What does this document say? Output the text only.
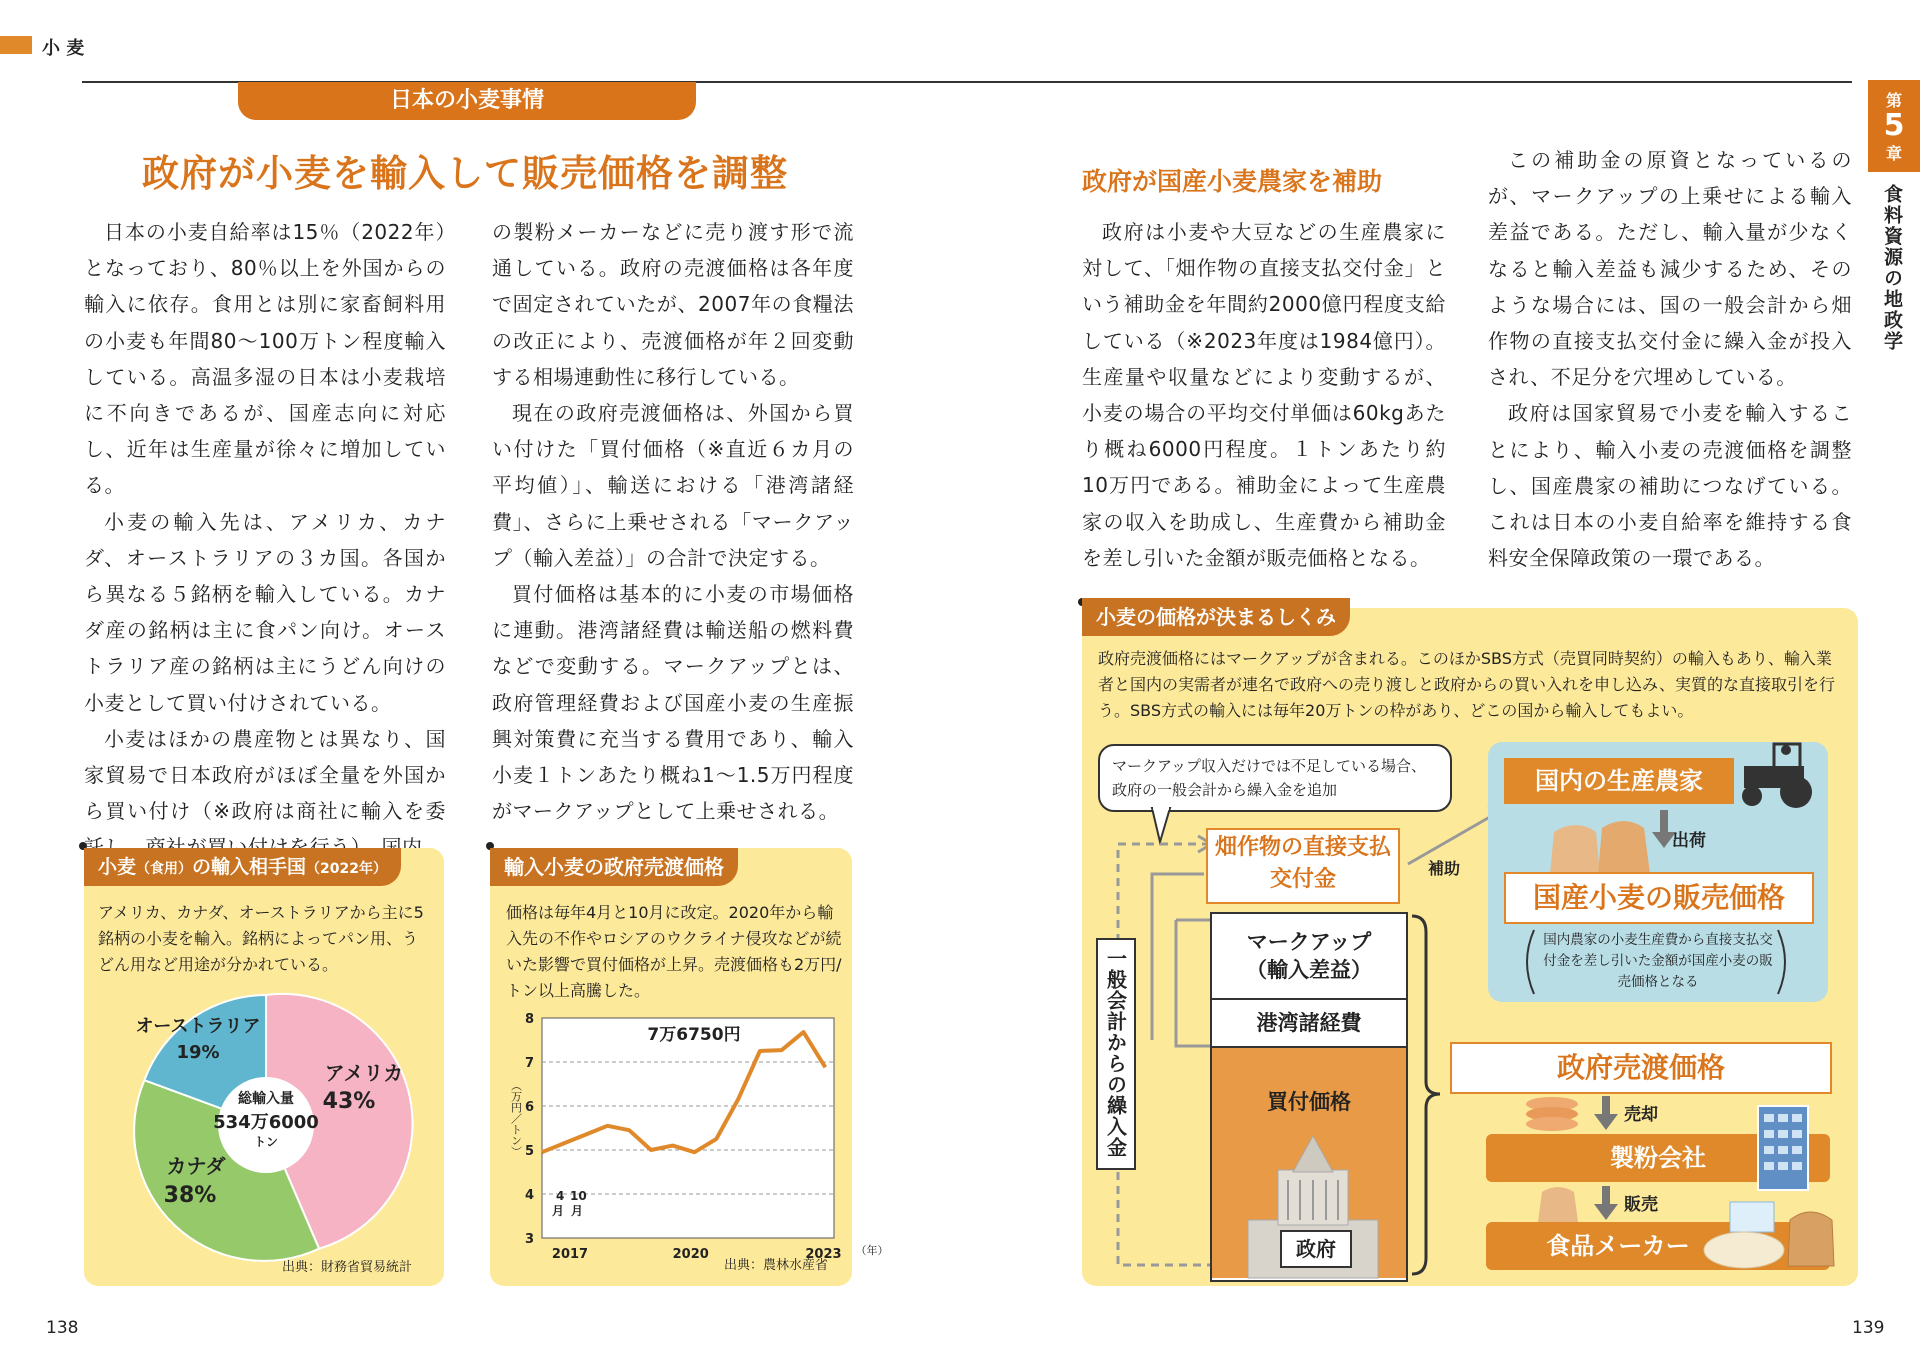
小 麦
第
5
章
食料資源の地政学
日本の小麦事情
政府が小麦を輸入して販売価格を調整

日本の小麦自給率は15％（2022年）となっており、80％以上を外国からの輸入に依存。食用とは別に家畜飼料用の小麦も年間80～100万トン程度輸入している。高温多湿の日本は小麦栽培に不向きであるが、国産志向に対応し、近年は生産量が徐々に増加している。

小麦の輸入先は、アメリカ、カナダ、オーストラリアの３カ国。各国から異なる５銘柄を輸入している。カナダ産の銘柄は主に食パン向け。オーストラリア産の銘柄は主にうどん向けの小麦として買い付けされている。

小麦はほかの農産物とは異なり、国家貿易で日本政府がほぼ全量を外国から買い付け（※政府は商社に輸入を委

の製粉メーカーなどに売り渡す形で流通している。政府の売渡価格は各年度で固定されていたが、2007年の食糧法の改正により、売渡価格が年２回変動する相場連動性に移行している。

現在の政府売渡価格は、外国から買い付けた「買付価格（※直近６カ月の平均値）」、輸送における「港湾諸経費」、さらに上乗せされる「マークアップ（輸入差益）」の合計で決定する。

買付価格は基本的に小麦の市場価格に連動。港湾諸経費は輸送船の燃料費などで変動する。マークアップとは、政府管理経費および国産小麦の生産振興対策費に充当する費用であり、輸入小麦１トンあたり概ね1～1.5万円程度がマークアップとして上乗せされる。

政府が国産小麦農家を補助

政府は小麦や大豆などの生産農家に対して、「畑作物の直接支払交付金」という補助金を年間約2000億円程度支給している（※2023年度は1984億円）。生産量や収量などにより変動するが、小麦の場合の平均交付単価は60kgあたり概ね6000円程度。１トンあたり約10万円である。補助金によって生産農家の収入を助成し、生産費から補助金を差し引いた金額が販売価格となる。

この補助金の原資となっているのが、マークアップの上乗せによる輸入差益である。ただし、輸入量が少なくなると輸入差益も減少するため、そのような場合には、国の一般会計から畑作物の直接支払交付金に繰入金が投入され、不足分を穴埋めしている。

政府は国家貿易で小麦を輸入することにより、輸入小麦の売渡価格を調整し、国産農家の補助につなげている。これは日本の小麦自給率を維持する食料安全保障政策の一環である。

小麦（食用）の輸入相手国（2022年）
アメリカ、カナダ、オーストラリアから主に5銘柄の小麦を輸入。銘柄によってパン用、うどん用など用途が分かれている。
総輸入量
534万6000
トン
アメリカ
43%
カナダ
38%
オーストラリア
19%
出典：財務省貿易統計
輸入小麦の政府売渡価格
価格は毎年4月と10月に改定。2020年から輸入先の不作やロシアのウクライナ侵攻などが続いた影響で買付価格が上昇。売渡価格も2万円/トン以上高騰した。
3
4
5
6
7
8
2017	2020	2023 （年）
7万6750円
（万円／トン）
4
月
10
月
出典：農林水産省
小麦の価格が決まるしくみ
政府売渡価格にはマークアップが含まれる。このほかSBS方式（売買同時契約）の輸入もあり、輸入業者と国内の実需者が連名で政府への売り渡しと政府からの買い入れを申し込み、実質的な直接取引を行う。SBS方式の輸入には毎年20万トンの枠があり、どこの国から輸入してもよい。
マークアップ収入だけでは不足している場合、政府の一般会計から繰入金を追加
一般会計からの繰入金
畑作物の直接支払交付金	補助
マークアップ（輸入差益）
港湾諸経費
買付価格
政府
国内の生産農家
出荷
国産小麦の販売価格
国内農家の小麦生産費から直接支払交付金を差し引いた金額が国産小麦の販売価格となる
政府売渡価格
売却
製粉会社
販売
食品メーカー
138	139
